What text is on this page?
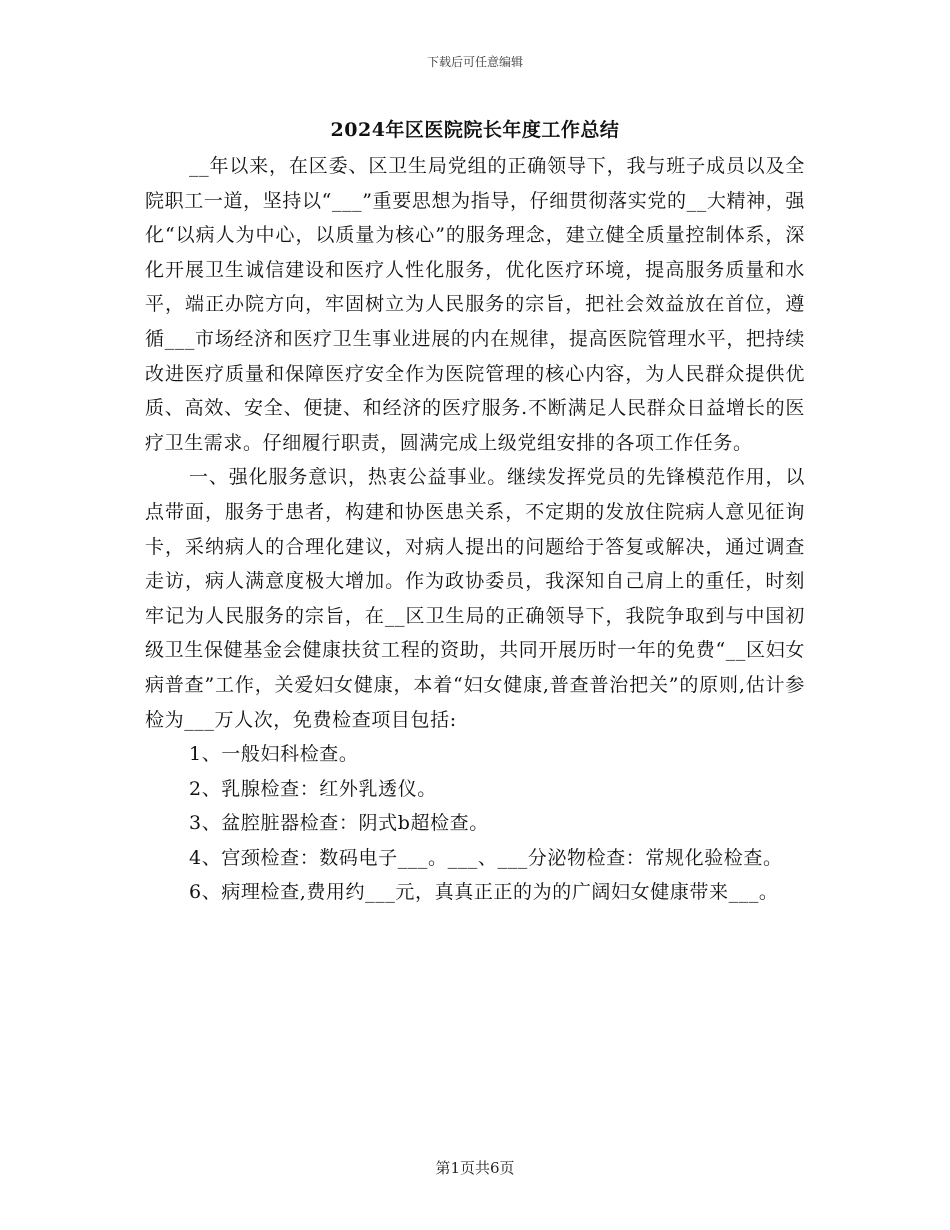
下载后可任意编辑
2024年区医院院长年度工作总结

__年以来，在区委、区卫生局党组的正确领导下，我与班子成员以及全院职工一道，坚持以“___”重要思想为指导，仔细贯彻落实党的__大精神，强化“以病人为中心，以质量为核心”的服务理念，建立健全质量控制体系，深化开展卫生诚信建设和医疗人性化服务，优化医疗环境，提高服务质量和水平，端正办院方向，牢固树立为人民服务的宗旨，把社会效益放在首位，遵循___市场经济和医疗卫生事业进展的内在规律，提高医院管理水平，把持续改进医疗质量和保障医疗安全作为医院管理的核心内容，为人民群众提供优质、高效、安全、便捷、和经济的医疗服务.不断满足人民群众日益增长的医疗卫生需求。仔细履行职责，圆满完成上级党组安排的各项工作任务。

一、强化服务意识，热衷公益事业。继续发挥党员的先锋模范作用，以点带面，服务于患者，构建和协医患关系，不定期的发放住院病人意见征询卡，采纳病人的合理化建议，对病人提出的问题给于答复或解决，通过调查走访，病人满意度极大增加。作为政协委员，我深知自己肩上的重任，时刻牢记为人民服务的宗旨，在__区卫生局的正确领导下，我院争取到与中国初级卫生保健基金会健康扶贫工程的资助，共同开展历时一年的免费“__区妇女病普查”工作，关爱妇女健康，本着“妇女健康,普查普治把关”的原则,估计参检为___万人次，免费检查项目包括:

1、一般妇科检查。

2、乳腺检查：红外乳透仪。

3、盆腔脏器检查：阴式b超检查。

4、宫颈检查：数码电子___。___、___分泌物检查：常规化验检查。

6、病理检查,费用约___元，真真正正的为的广阔妇女健康带来___。

第1页共6页
